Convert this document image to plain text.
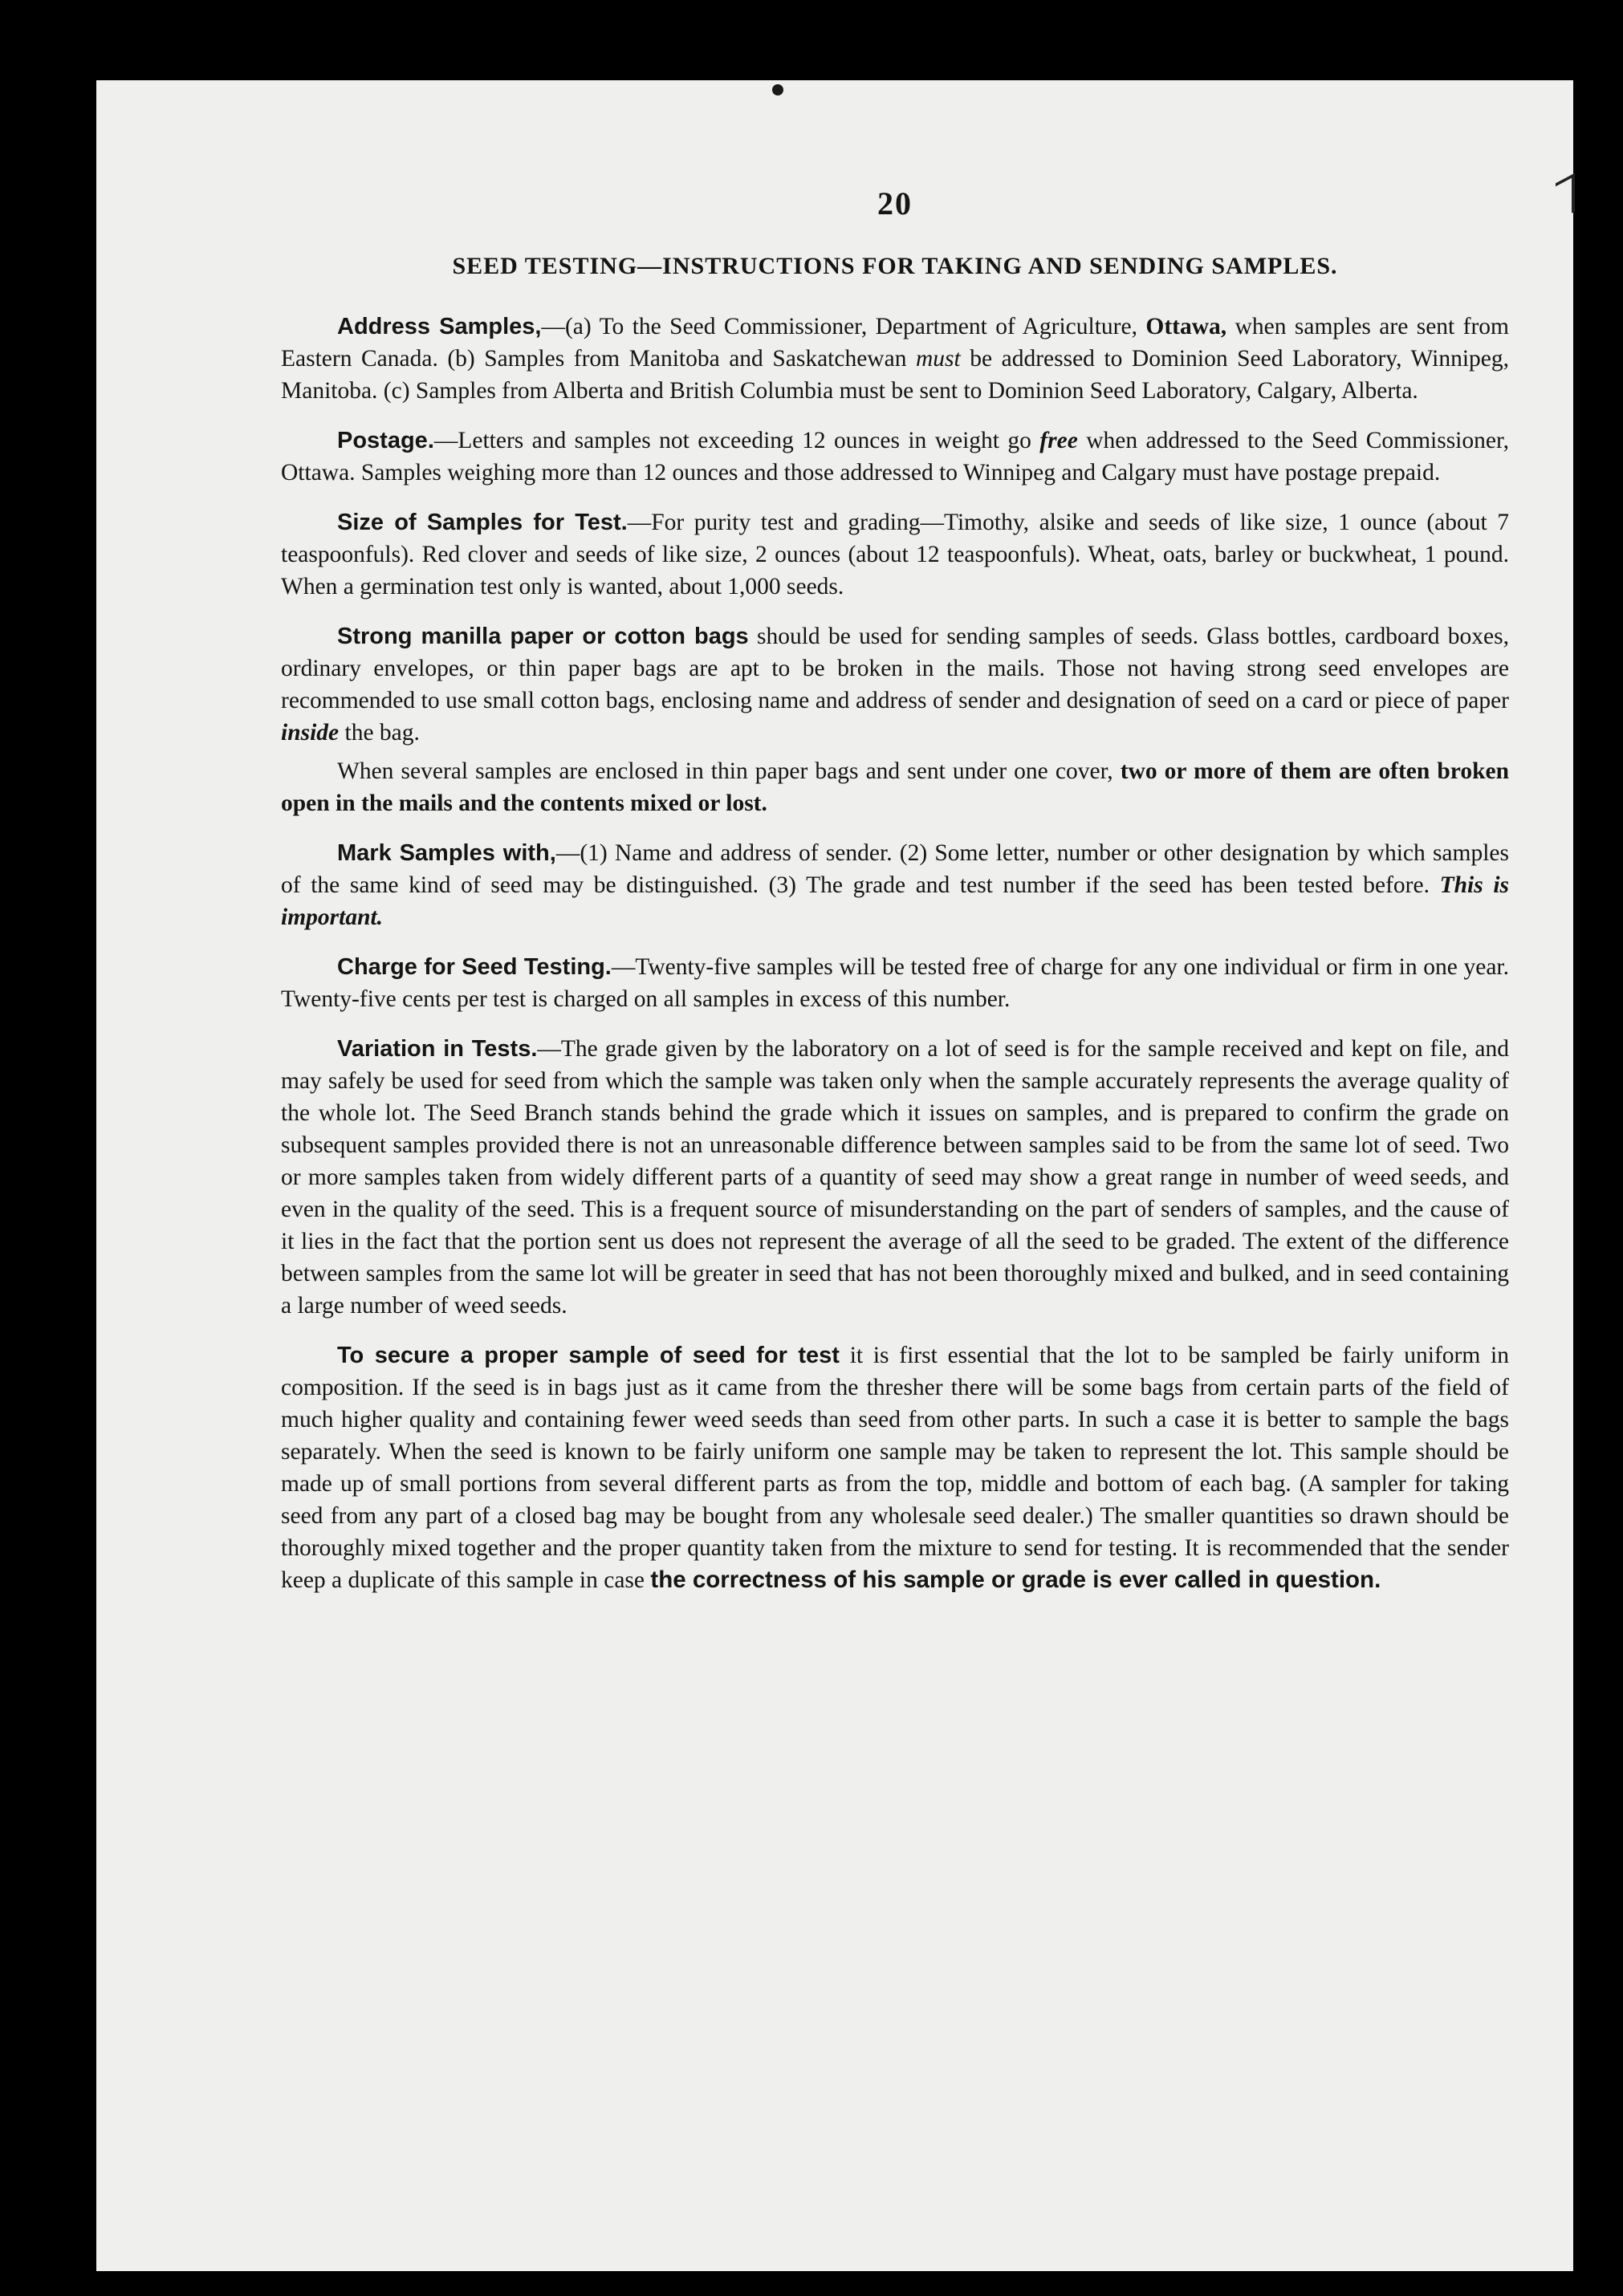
20
SEED TESTING—INSTRUCTIONS FOR TAKING AND SENDING SAMPLES.

Address Samples,—(a) To the Seed Commissioner, Department of Agriculture, Ottawa, when samples are sent from Eastern Canada. (b) Samples from Manitoba and Saskatchewan must be addressed to Dominion Seed Laboratory, Winnipeg, Manitoba. (c) Samples from Alberta and British Columbia must be sent to Dominion Seed Laboratory, Calgary, Alberta.

Postage.—Letters and samples not exceeding 12 ounces in weight go free when addressed to the Seed Commissioner, Ottawa. Samples weighing more than 12 ounces and those addressed to Winnipeg and Calgary must have postage prepaid.

Size of Samples for Test.—For purity test and grading—Timothy, alsike and seeds of like size, 1 ounce (about 7 teaspoonfuls). Red clover and seeds of like size, 2 ounces (about 12 teaspoonfuls). Wheat, oats, barley or buckwheat, 1 pound. When a germination test only is wanted, about 1,000 seeds.

Strong manilla paper or cotton bags should be used for sending samples of seeds. Glass bottles, cardboard boxes, ordinary envelopes, or thin paper bags are apt to be broken in the mails. Those not having strong seed envelopes are recommended to use small cotton bags, enclosing name and address of sender and designation of seed on a card or piece of paper inside the bag.

When several samples are enclosed in thin paper bags and sent under one cover, two or more of them are often broken open in the mails and the contents mixed or lost.

Mark Samples with,—(1) Name and address of sender. (2) Some letter, number or other designation by which samples of the same kind of seed may be distinguished. (3) The grade and test number if the seed has been tested before. This is important.

Charge for Seed Testing.—Twenty-five samples will be tested free of charge for any one individual or firm in one year. Twenty-five cents per test is charged on all samples in excess of this number.

Variation in Tests.—The grade given by the laboratory on a lot of seed is for the sample received and kept on file, and may safely be used for seed from which the sample was taken only when the sample accurately represents the average quality of the whole lot. The Seed Branch stands behind the grade which it issues on samples, and is prepared to confirm the grade on subsequent samples provided there is not an unreasonable difference between samples said to be from the same lot of seed. Two or more samples taken from widely different parts of a quantity of seed may show a great range in number of weed seeds, and even in the quality of the seed. This is a frequent source of misunderstanding on the part of senders of samples, and the cause of it lies in the fact that the portion sent us does not represent the average of all the seed to be graded. The extent of the difference between samples from the same lot will be greater in seed that has not been thoroughly mixed and bulked, and in seed containing a large number of weed seeds.

To secure a proper sample of seed for test it is first essential that the lot to be sampled be fairly uniform in composition. If the seed is in bags just as it came from the thresher there will be some bags from certain parts of the field of much higher quality and containing fewer weed seeds than seed from other parts. In such a case it is better to sample the bags separately. When the seed is known to be fairly uniform one sample may be taken to represent the lot. This sample should be made up of small portions from several different parts as from the top, middle and bottom of each bag. (A sampler for taking seed from any part of a closed bag may be bought from any wholesale seed dealer.) The smaller quantities so drawn should be thoroughly mixed together and the proper quantity taken from the mixture to send for testing. It is recommended that the sender keep a duplicate of this sample in case the correctness of his sample or grade is ever called in question.
